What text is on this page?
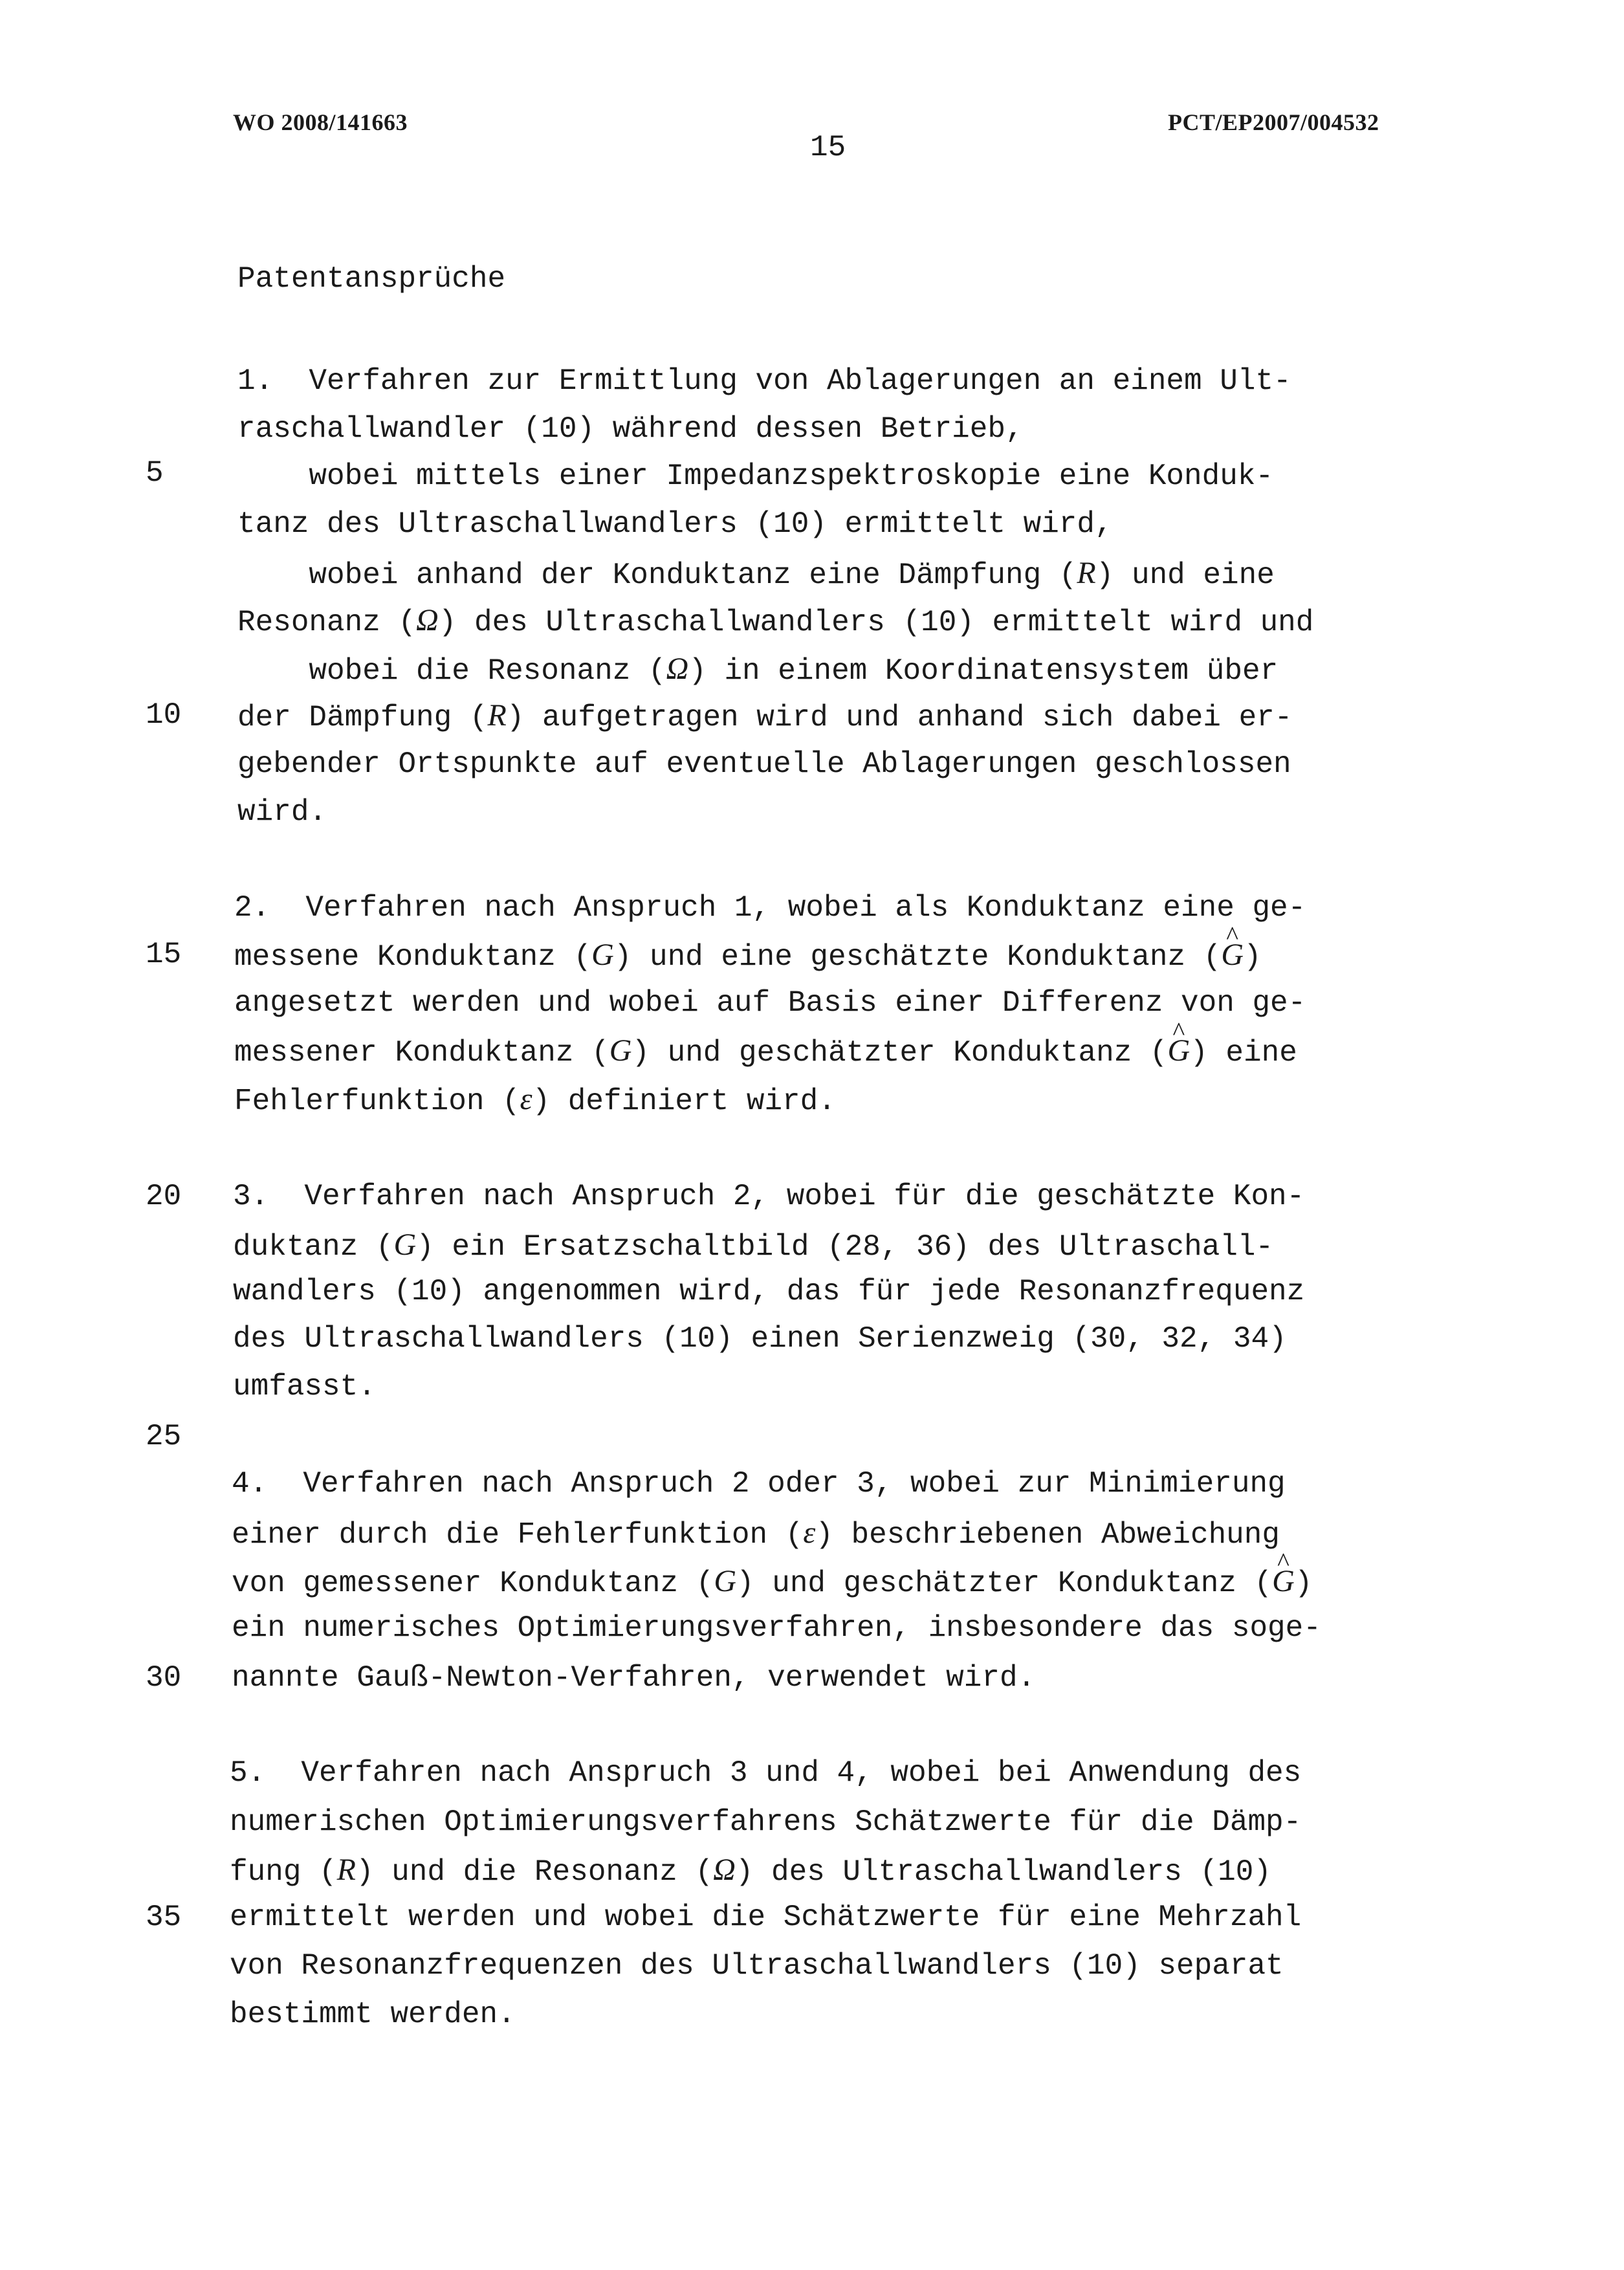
WO 2008/141663	PCT/EP2007/004532
15
Patentansprüche
5
10
15
20
25
30
35
1.  Verfahren zur Ermittlung von Ablagerungen an einem Ult-
raschallwandler (10) während dessen Betrieb,
wobei mittels einer Impedanzspektroskopie eine Konduk-
tanz des Ultraschallwandlers (10) ermittelt wird,
wobei anhand der Konduktanz eine Dämpfung (R) und eine
Resonanz (Ω) des Ultraschallwandlers (10) ermittelt wird und
wobei die Resonanz (Ω) in einem Koordinatensystem über
der Dämpfung (R) aufgetragen wird und anhand sich dabei er-
gebender Ortspunkte auf eventuelle Ablagerungen geschlossen
wird.
2.  Verfahren nach Anspruch 1, wobei als Konduktanz eine ge-
messene Konduktanz (G) und eine geschätzte Konduktanz (^ G)
angesetzt werden und wobei auf Basis einer Differenz von ge-
messener Konduktanz (G) und geschätzter Konduktanz (^ G) eine
Fehlerfunktion (ε) definiert wird.
3.  Verfahren nach Anspruch 2, wobei für die geschätzte Kon-
duktanz (G) ein Ersatzschaltbild (28, 36) des Ultraschall-
wandlers (10) angenommen wird, das für jede Resonanzfrequenz
des Ultraschallwandlers (10) einen Serienzweig (30, 32, 34)
umfasst.
4.  Verfahren nach Anspruch 2 oder 3, wobei zur Minimierung
einer durch die Fehlerfunktion (ε) beschriebenen Abweichung
von gemessener Konduktanz (G) und geschätzter Konduktanz (^ G)
ein numerisches Optimierungsverfahren, insbesondere das soge-
nannte Gauß-Newton-Verfahren, verwendet wird.
5.  Verfahren nach Anspruch 3 und 4, wobei bei Anwendung des
numerischen Optimierungsverfahrens Schätzwerte für die Dämp-
fung (R) und die Resonanz (Ω) des Ultraschallwandlers (10)
ermittelt werden und wobei die Schätzwerte für eine Mehrzahl
von Resonanzfrequenzen des Ultraschallwandlers (10) separat
bestimmt werden.
